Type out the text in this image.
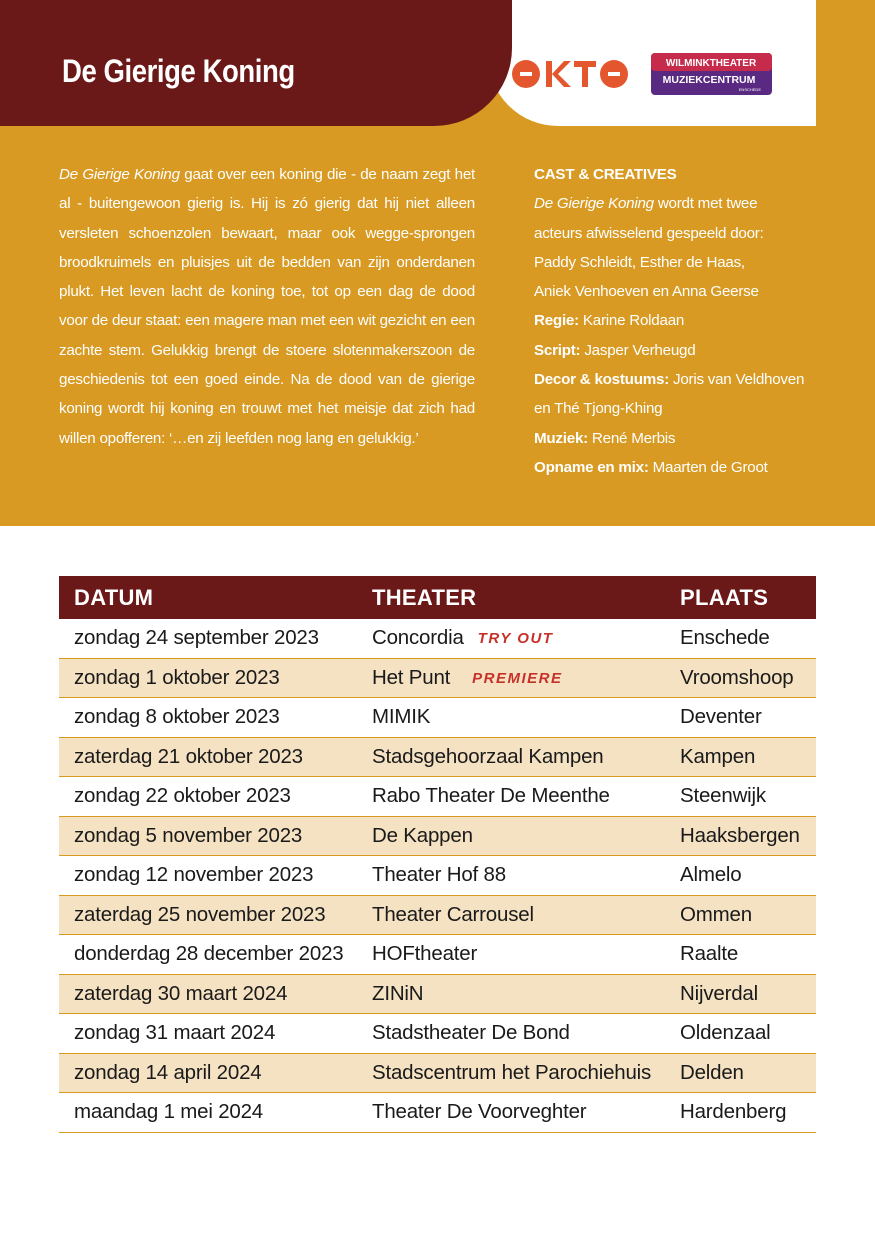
De Gierige Koning	OKTO	WILMINKTHEATER
MUZIEKCENTRUM
ENSCHEDE
De Gierige Koning gaat over een koning die - de naam zegt het al - buitengewoon gierig is. Hij is zó gierig dat hij niet alleen versleten schoenzolen bewaart, maar ook wegge-sprongen broodkruimels en pluisjes uit de bedden van zijn onderdanen plukt. Het leven lacht de koning toe, tot op een dag de dood voor de deur staat: een magere man met een wit gezicht en een zachte stem. Gelukkig brengt de stoere slotenmakerszoon de geschiedenis tot een goed einde. Na de dood van de gierige koning wordt hij koning en trouwt met het meisje dat zich had willen opofferen: ‘…en zij leefden nog lang en gelukkig.’
CAST & CREATIVES
De Gierige Koning wordt met twee
acteurs afwisselend gespeeld door:
Paddy Schleidt, Esther de Haas,
Aniek Venhoeven en Anna Geerse
Regie: Karine Roldaan
Script: Jasper Verheugd
Decor & kostuums: Joris van Veldhoven
en Thé Tjong-Khing
Muziek: René Merbis
Opname en mix: Maarten de Groot
DATUM	THEATER	PLAATS
zondag 24 september 2023	Concordia TRY OUT	Enschede
zondag 1 oktober 2023	Het Punt PREMIERE	Vroomshoop
zondag 8 oktober 2023	MIMIK	Deventer
zaterdag 21 oktober 2023	Stadsgehoorzaal Kampen	Kampen
zondag 22 oktober 2023	Rabo Theater De Meenthe	Steenwijk
zondag 5 november 2023	De Kappen	Haaksbergen
zondag 12 november 2023	Theater Hof 88	Almelo
zaterdag 25 november 2023	Theater Carrousel	Ommen
donderdag 28 december 2023	HOFtheater	Raalte
zaterdag 30 maart 2024	ZINiN	Nijverdal
zondag 31 maart 2024	Stadstheater De Bond	Oldenzaal
zondag 14 april 2024	Stadscentrum het Parochiehuis	Delden
maandag 1 mei 2024	Theater De Voorveghter	Hardenberg
